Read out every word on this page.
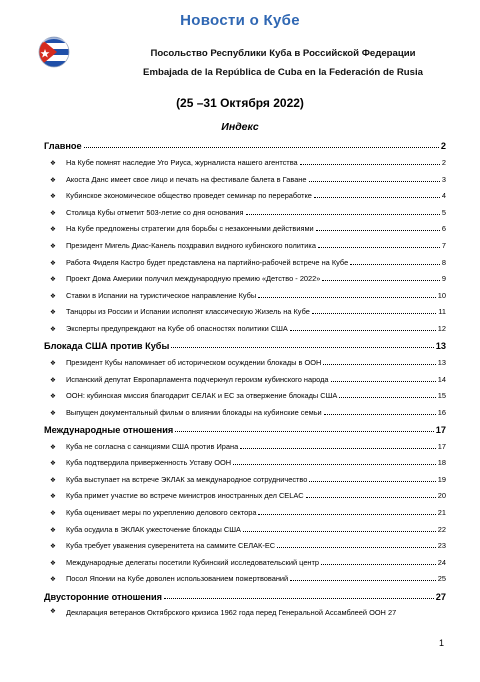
Новости о Кубе
Посольство Республики Куба в Российской Федерации
Embajada de la República de Cuba en la Federación de Rusia
(25 –31 Октября 2022)
Индекс
Главное	2
❖	На Кубе помнят наследие Уго Риуса, журналиста нашего агентства	2
❖	Акоста Данс имеет свое лицо и печать на фестивале балета в Гаване	3
❖	Кубинское экономическое общество проведет семинар по переработке	4
❖	Столица Кубы отметит 503-летие со дня основания	5
❖	На Кубе предложены стратегии для борьбы с незаконными действиями	6
❖	Президент Мигель Диас-Канель поздравил видного кубинского политика	7
❖	Работа Фиделя Кастро будет представлена на партийно-рабочей встрече на Кубе	8
❖	Проект Дома Америки получил международную премию «Детство - 2022»	9
❖	Ставки в Испании на туристическое направление Кубы	10
❖	Танцоры из России и Испании исполнят классическую Жизель на Кубе	11
❖	Эксперты предупреждают на Кубе об опасностях политики США	12
Блокада США против Кубы	13
❖	Президент Кубы напоминает об историческом осуждении блокады в ООН	13
❖	Испанский депутат Европарламента подчеркнул героизм кубинского народа	14
❖	ООН: кубинская миссия благодарит СЕЛАК и ЕС за отвержение блокады США	15
❖	Выпущен документальный фильм о влиянии блокады на кубинские семьи	16
Международные отношения	17
❖	Куба не согласна с санкциями США против Ирана	17
❖	Куба подтвердила приверженность Уставу ООН	18
❖	Куба выступает на встрече ЭКЛАК за международное сотрудничество	19
❖	Куба примет участие во встрече министров иностранных дел CELAC	20
❖	Куба оценивает меры по укреплению делового сектора	21
❖	Куба осудила в ЭКЛАК ужесточение блокады США	22
❖	Куба требует уважения суверенитета на саммите СЕЛАК-ЕС	23
❖	Международные делегаты посетили Кубинский исследовательский центр	24
❖	Посол Японии на Кубе доволен использованием пожертвований	25
Двусторонние отношения	27
❖	Декларация ветеранов Октябрского кризиса 1962 года перед Генеральной Ассамблеей ООН 27
1
